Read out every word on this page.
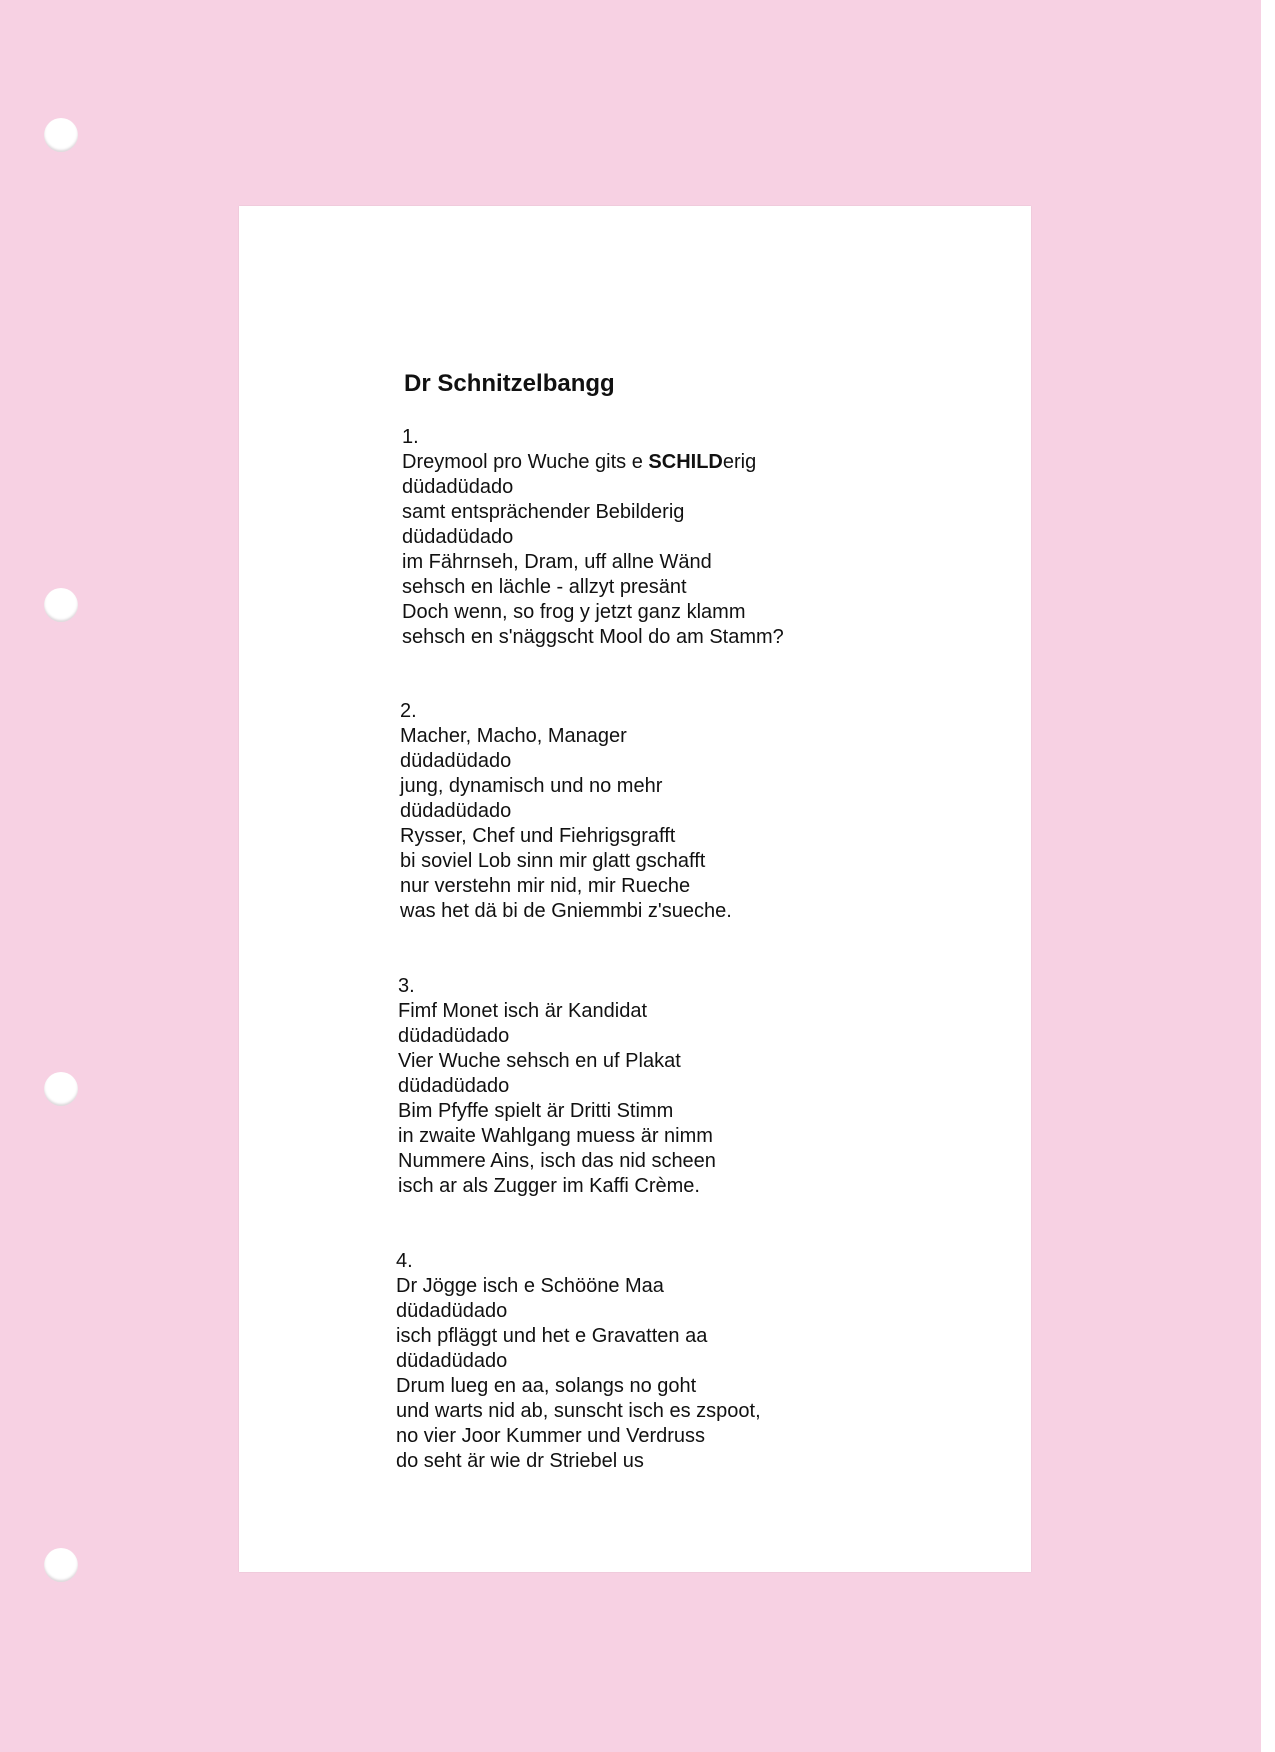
Dr Schnitzelbangg
1.
Dreymool pro Wuche gits e SCHILDerig
düdadüdado
samt entsprächender Bebilderig
düdadüdado
im Fährnseh, Dram, uff allne Wänd
sehsch en lächle - allzyt presänt
Doch wenn, so frog y jetzt ganz klamm
sehsch en s'näggscht Mool do am Stamm?
2.
Macher, Macho, Manager
düdadüdado
jung, dynamisch und no mehr
düdadüdado
Rysser, Chef und Fiehrigsgrafft
bi soviel Lob sinn mir glatt gschafft
nur verstehn mir nid, mir Rueche
was het dä bi de Gniemmbi z'sueche.
3.
Fimf Monet isch är Kandidat
düdadüdado
Vier Wuche sehsch en uf Plakat
düdadüdado
Bim Pfyffe spielt är Dritti Stimm
in zwaite Wahlgang muess är nimm
Nummere Ains, isch das nid scheen
isch ar als Zugger im Kaffi Crème.
4.
Dr Jögge isch e Schööne Maa
düdadüdado
isch pfläggt und het e Gravatten aa
düdadüdado
Drum lueg en aa, solangs no goht
und warts nid ab, sunscht isch es zspoot,
no vier Joor Kummer und Verdruss
do seht är wie dr Striebel us
